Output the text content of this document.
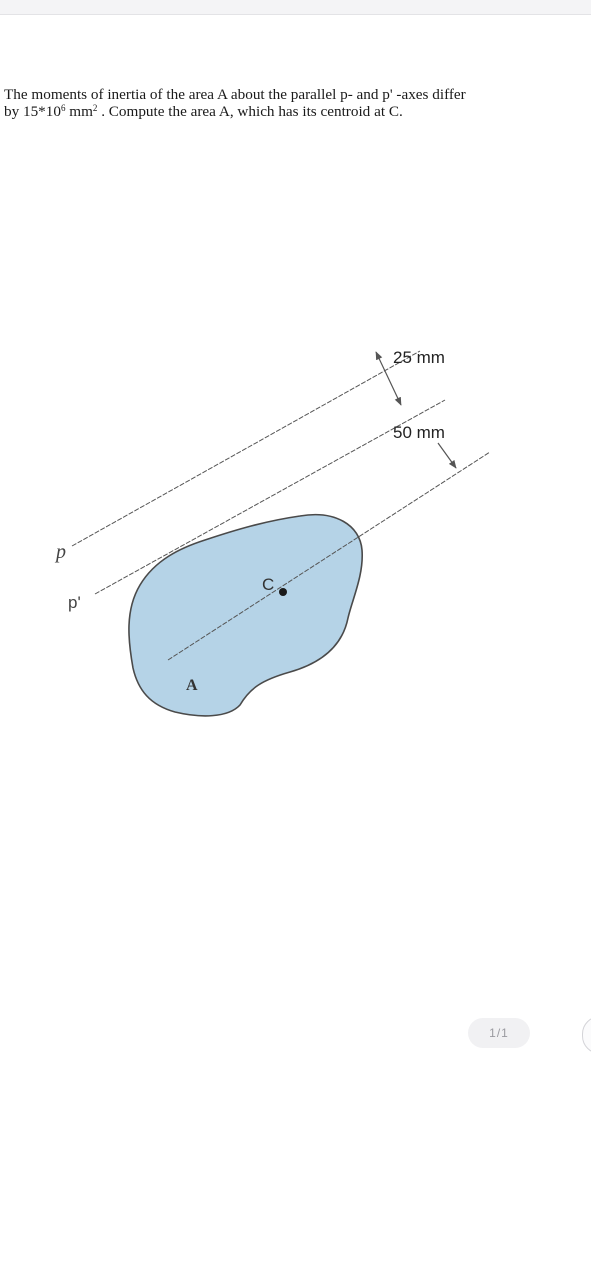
The moments of inertia of the area A about the parallel p- and p' -axes differ
by $15*10^6$ $mm^2$ . Compute the area A, which has its centroid at C.
25 mm
50 mm
p
p'
C
A
1/1
